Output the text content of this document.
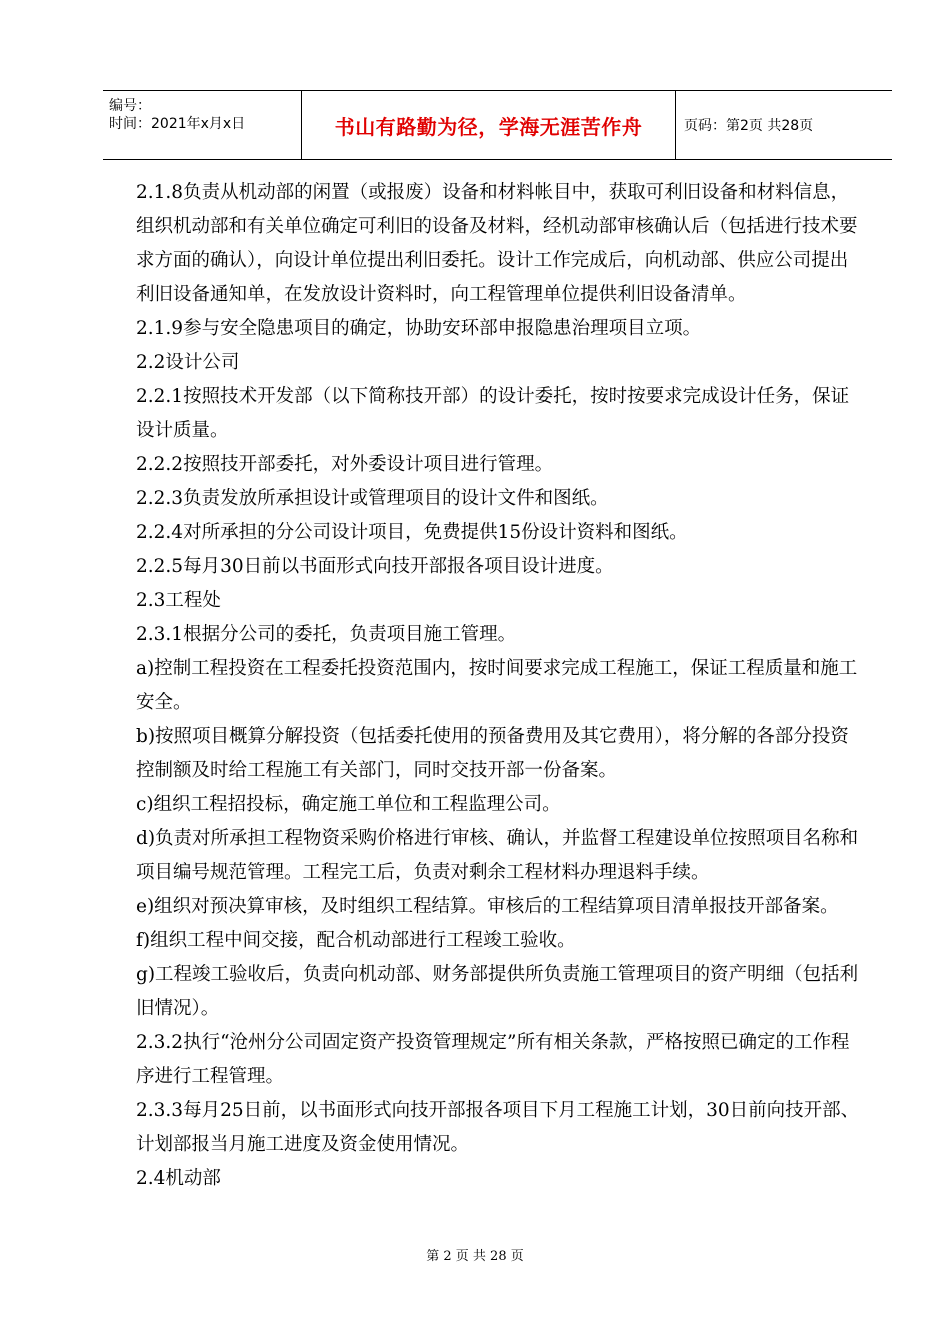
编号：
时间：2021年x月x日	书山有路勤为径，学海无涯苦作舟	页码：第2页 共28页

2.1.8负责从机动部的闲置（或报废）设备和材料帐目中，获取可利旧设备和材料信息，组织机动部和有关单位确定可利旧的设备及材料，经机动部审核确认后（包括进行技术要求方面的确认），向设计单位提出利旧委托。设计工作完成后，向机动部、供应公司提出利旧设备通知单，在发放设计资料时，向工程管理单位提供利旧设备清单。

2.1.9参与安全隐患项目的确定，协助安环部申报隐患治理项目立项。

2.2设计公司

2.2.1按照技术开发部（以下简称技开部）的设计委托，按时按要求完成设计任务，保证设计质量。

2.2.2按照技开部委托，对外委设计项目进行管理。

2.2.3负责发放所承担设计或管理项目的设计文件和图纸。

2.2.4对所承担的分公司设计项目，免费提供15份设计资料和图纸。

2.2.5每月30日前以书面形式向技开部报各项目设计进度。

2.3工程处

2.3.1根据分公司的委托，负责项目施工管理。

a)控制工程投资在工程委托投资范围内，按时间要求完成工程施工，保证工程质量和施工安全。

b)按照项目概算分解投资（包括委托使用的预备费用及其它费用），将分解的各部分投资控制额及时给工程施工有关部门，同时交技开部一份备案。

c)组织工程招投标，确定施工单位和工程监理公司。

d)负责对所承担工程物资采购价格进行审核、确认，并监督工程建设单位按照项目名称和项目编号规范管理。工程完工后，负责对剩余工程材料办理退料手续。

e)组织对预决算审核，及时组织工程结算。审核后的工程结算项目清单报技开部备案。

f)组织工程中间交接，配合机动部进行工程竣工验收。

g)工程竣工验收后，负责向机动部、财务部提供所负责施工管理项目的资产明细（包括利旧情况）。

2.3.2执行“沧州分公司固定资产投资管理规定”所有相关条款，严格按照已确定的工作程序进行工程管理。

2.3.3每月25日前，以书面形式向技开部报各项目下月工程施工计划，30日前向技开部、计划部报当月施工进度及资金使用情况。

2.4机动部

第 2 页 共 28 页
